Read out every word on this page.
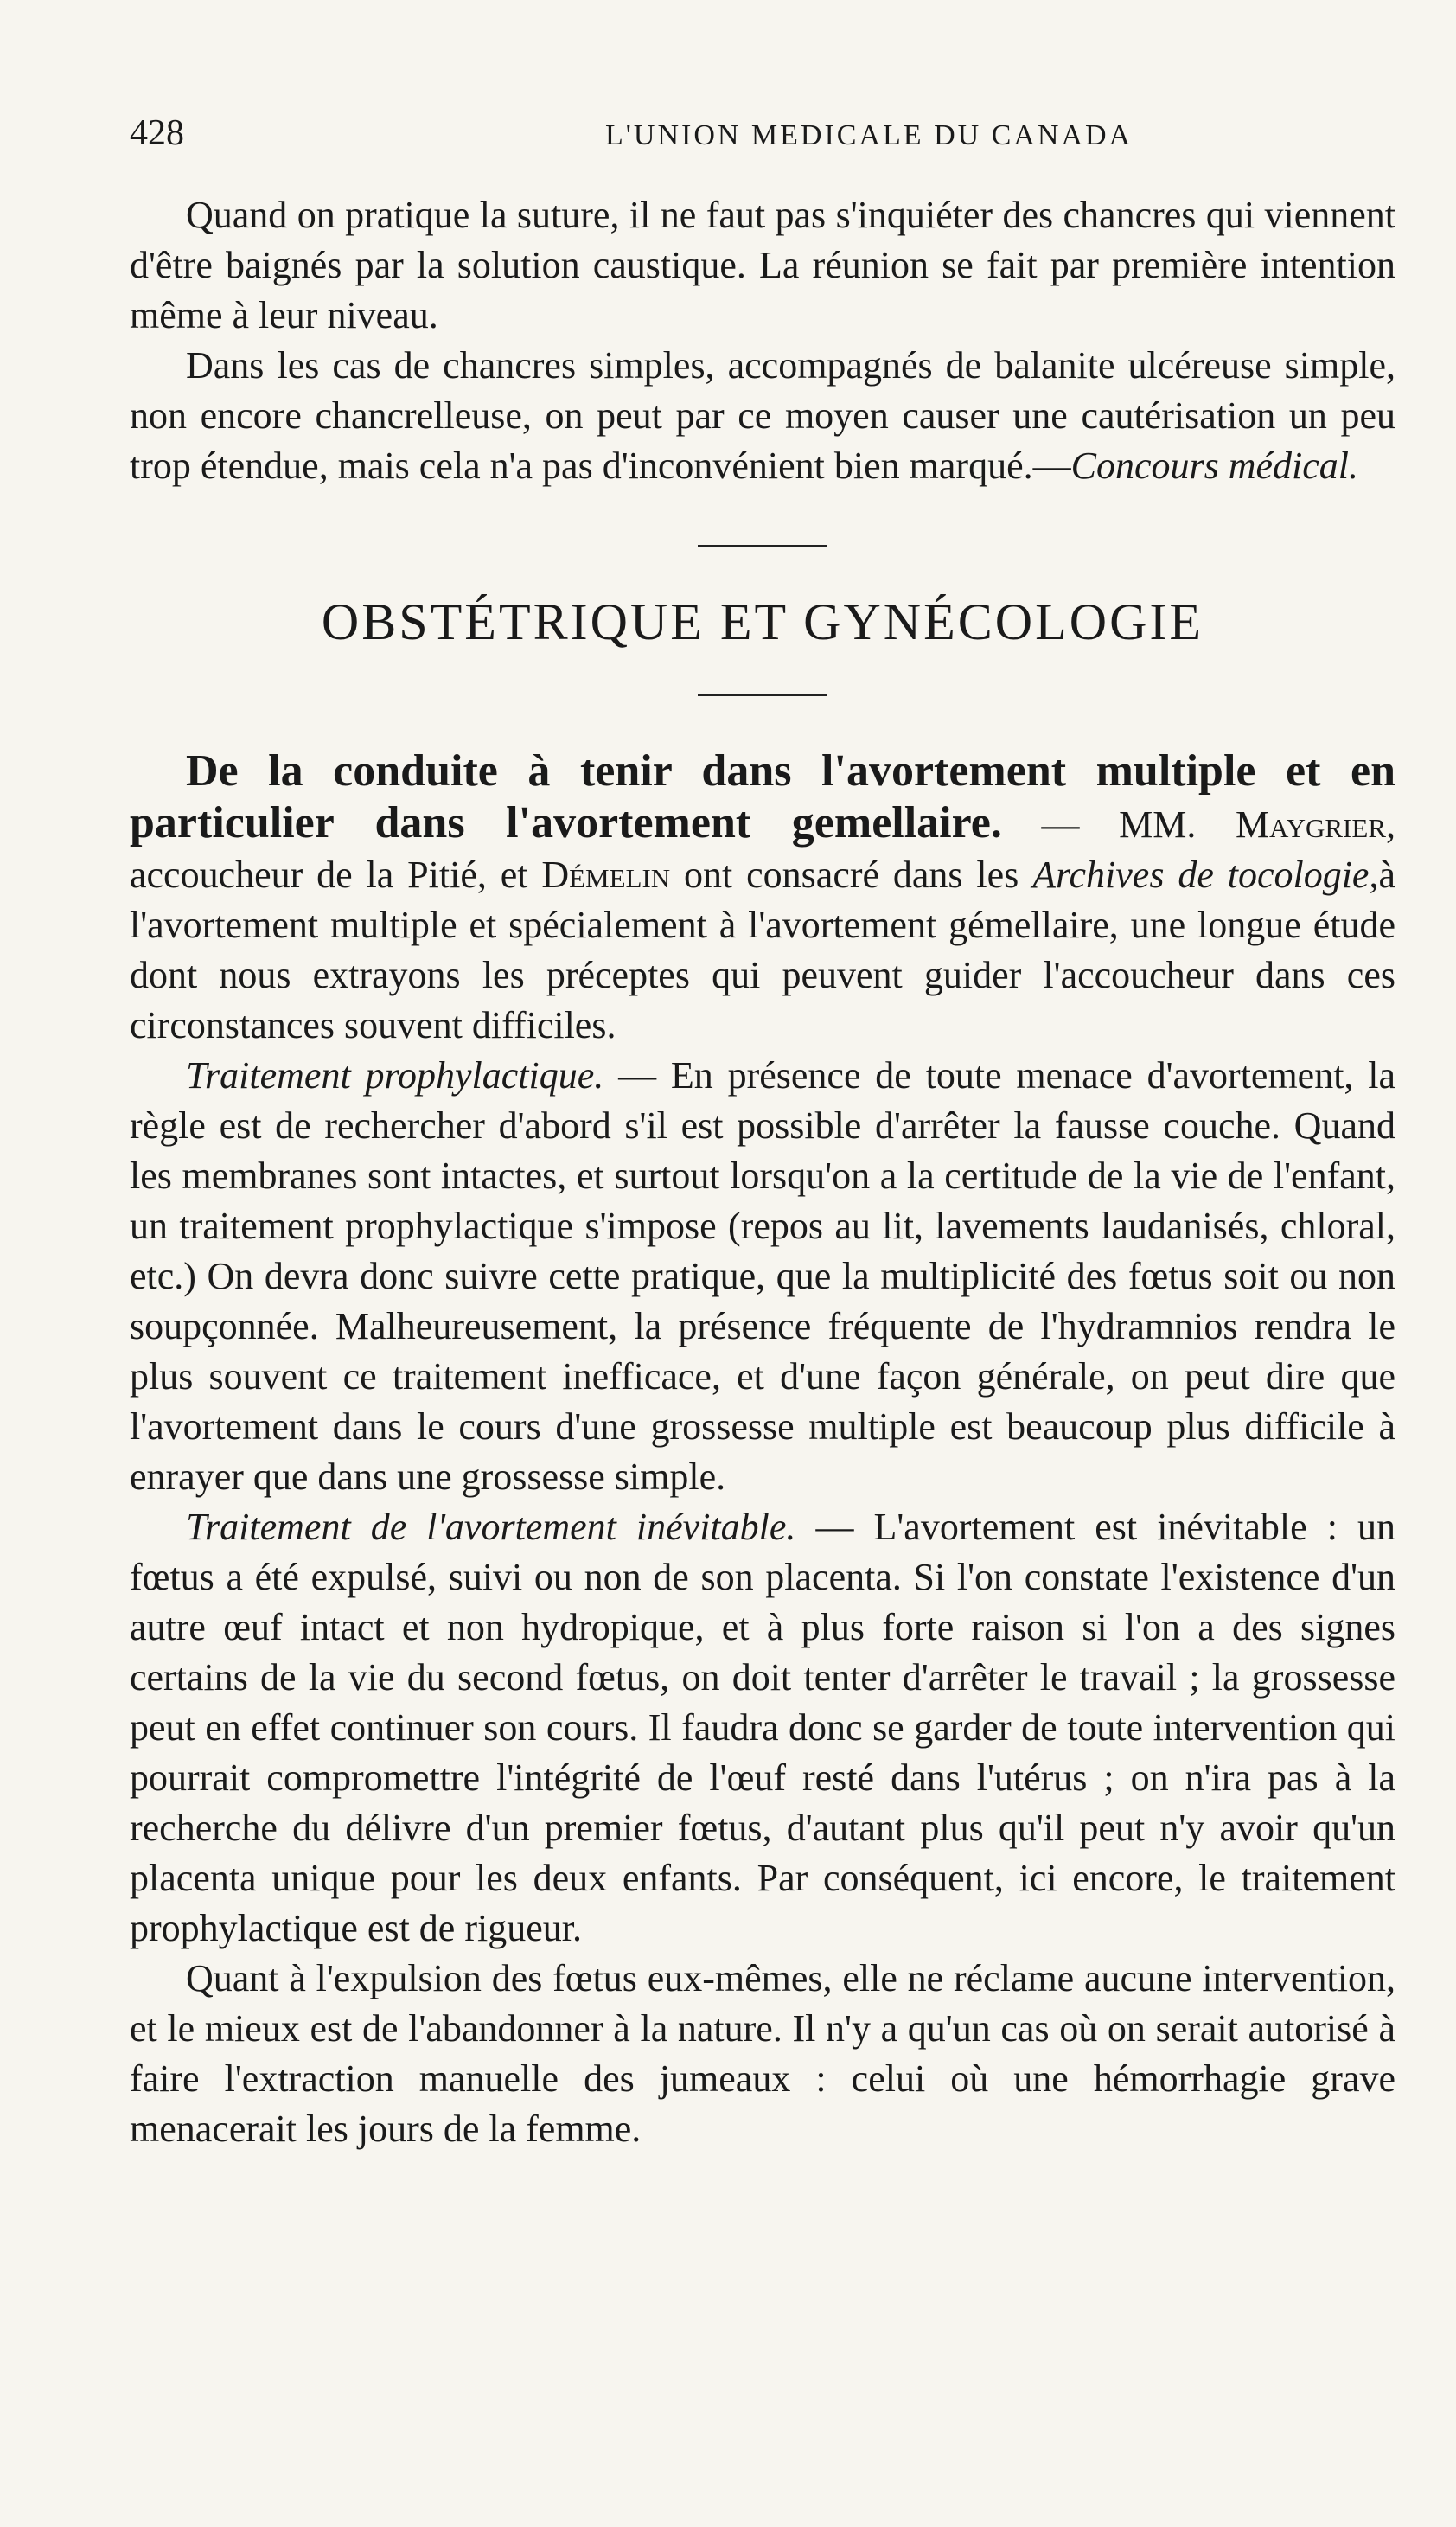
428	L'UNION MEDICALE DU CANADA

Quand on pratique la suture, il ne faut pas s'inquiéter des chancres qui viennent d'être baignés par la solution caustique. La réunion se fait par première intention même à leur niveau.

Dans les cas de chancres simples, accompagnés de balanite ulcéreuse simple, non encore chancrelleuse, on peut par ce moyen causer une cautérisation un peu trop étendue, mais cela n'a pas d'inconvénient bien marqué.—Concours médical.

OBSTÉTRIQUE ET GYNÉCOLOGIE

De la conduite à tenir dans l'avortement multiple et en particulier dans l'avortement gemellaire. — MM. Maygrier, accoucheur de la Pitié, et Démelin ont consacré dans les Archives de tocologie,à l'avortement multiple et spécialement à l'avortement gémellaire, une longue étude dont nous extrayons les préceptes qui peuvent guider l'accoucheur dans ces circonstances souvent difficiles.

Traitement prophylactique. — En présence de toute menace d'avortement, la règle est de rechercher d'abord s'il est possible d'arrêter la fausse couche. Quand les membranes sont intactes, et surtout lorsqu'on a la certitude de la vie de l'enfant, un traitement prophylactique s'impose (repos au lit, lavements laudanisés, chloral, etc.) On devra donc suivre cette pratique, que la multiplicité des fœtus soit ou non soupçonnée. Malheureusement, la présence fréquente de l'hydramnios rendra le plus souvent ce traitement inefficace, et d'une façon générale, on peut dire que l'avortement dans le cours d'une grossesse multiple est beaucoup plus difficile à enrayer que dans une grossesse simple.

Traitement de l'avortement inévitable. — L'avortement est inévitable : un fœtus a été expulsé, suivi ou non de son placenta. Si l'on constate l'existence d'un autre œuf intact et non hydropique, et à plus forte raison si l'on a des signes certains de la vie du second fœtus, on doit tenter d'arrêter le travail ; la grossesse peut en effet continuer son cours. Il faudra donc se garder de toute intervention qui pourrait compromettre l'intégrité de l'œuf resté dans l'utérus ; on n'ira pas à la recherche du délivre d'un premier fœtus, d'autant plus qu'il peut n'y avoir qu'un placenta unique pour les deux enfants. Par conséquent, ici encore, le traitement prophylactique est de rigueur.

Quant à l'expulsion des fœtus eux-mêmes, elle ne réclame aucune intervention, et le mieux est de l'abandonner à la nature. Il n'y a qu'un cas où on serait autorisé à faire l'extraction manuelle des jumeaux : celui où une hémorrhagie grave menacerait les jours de la femme.
